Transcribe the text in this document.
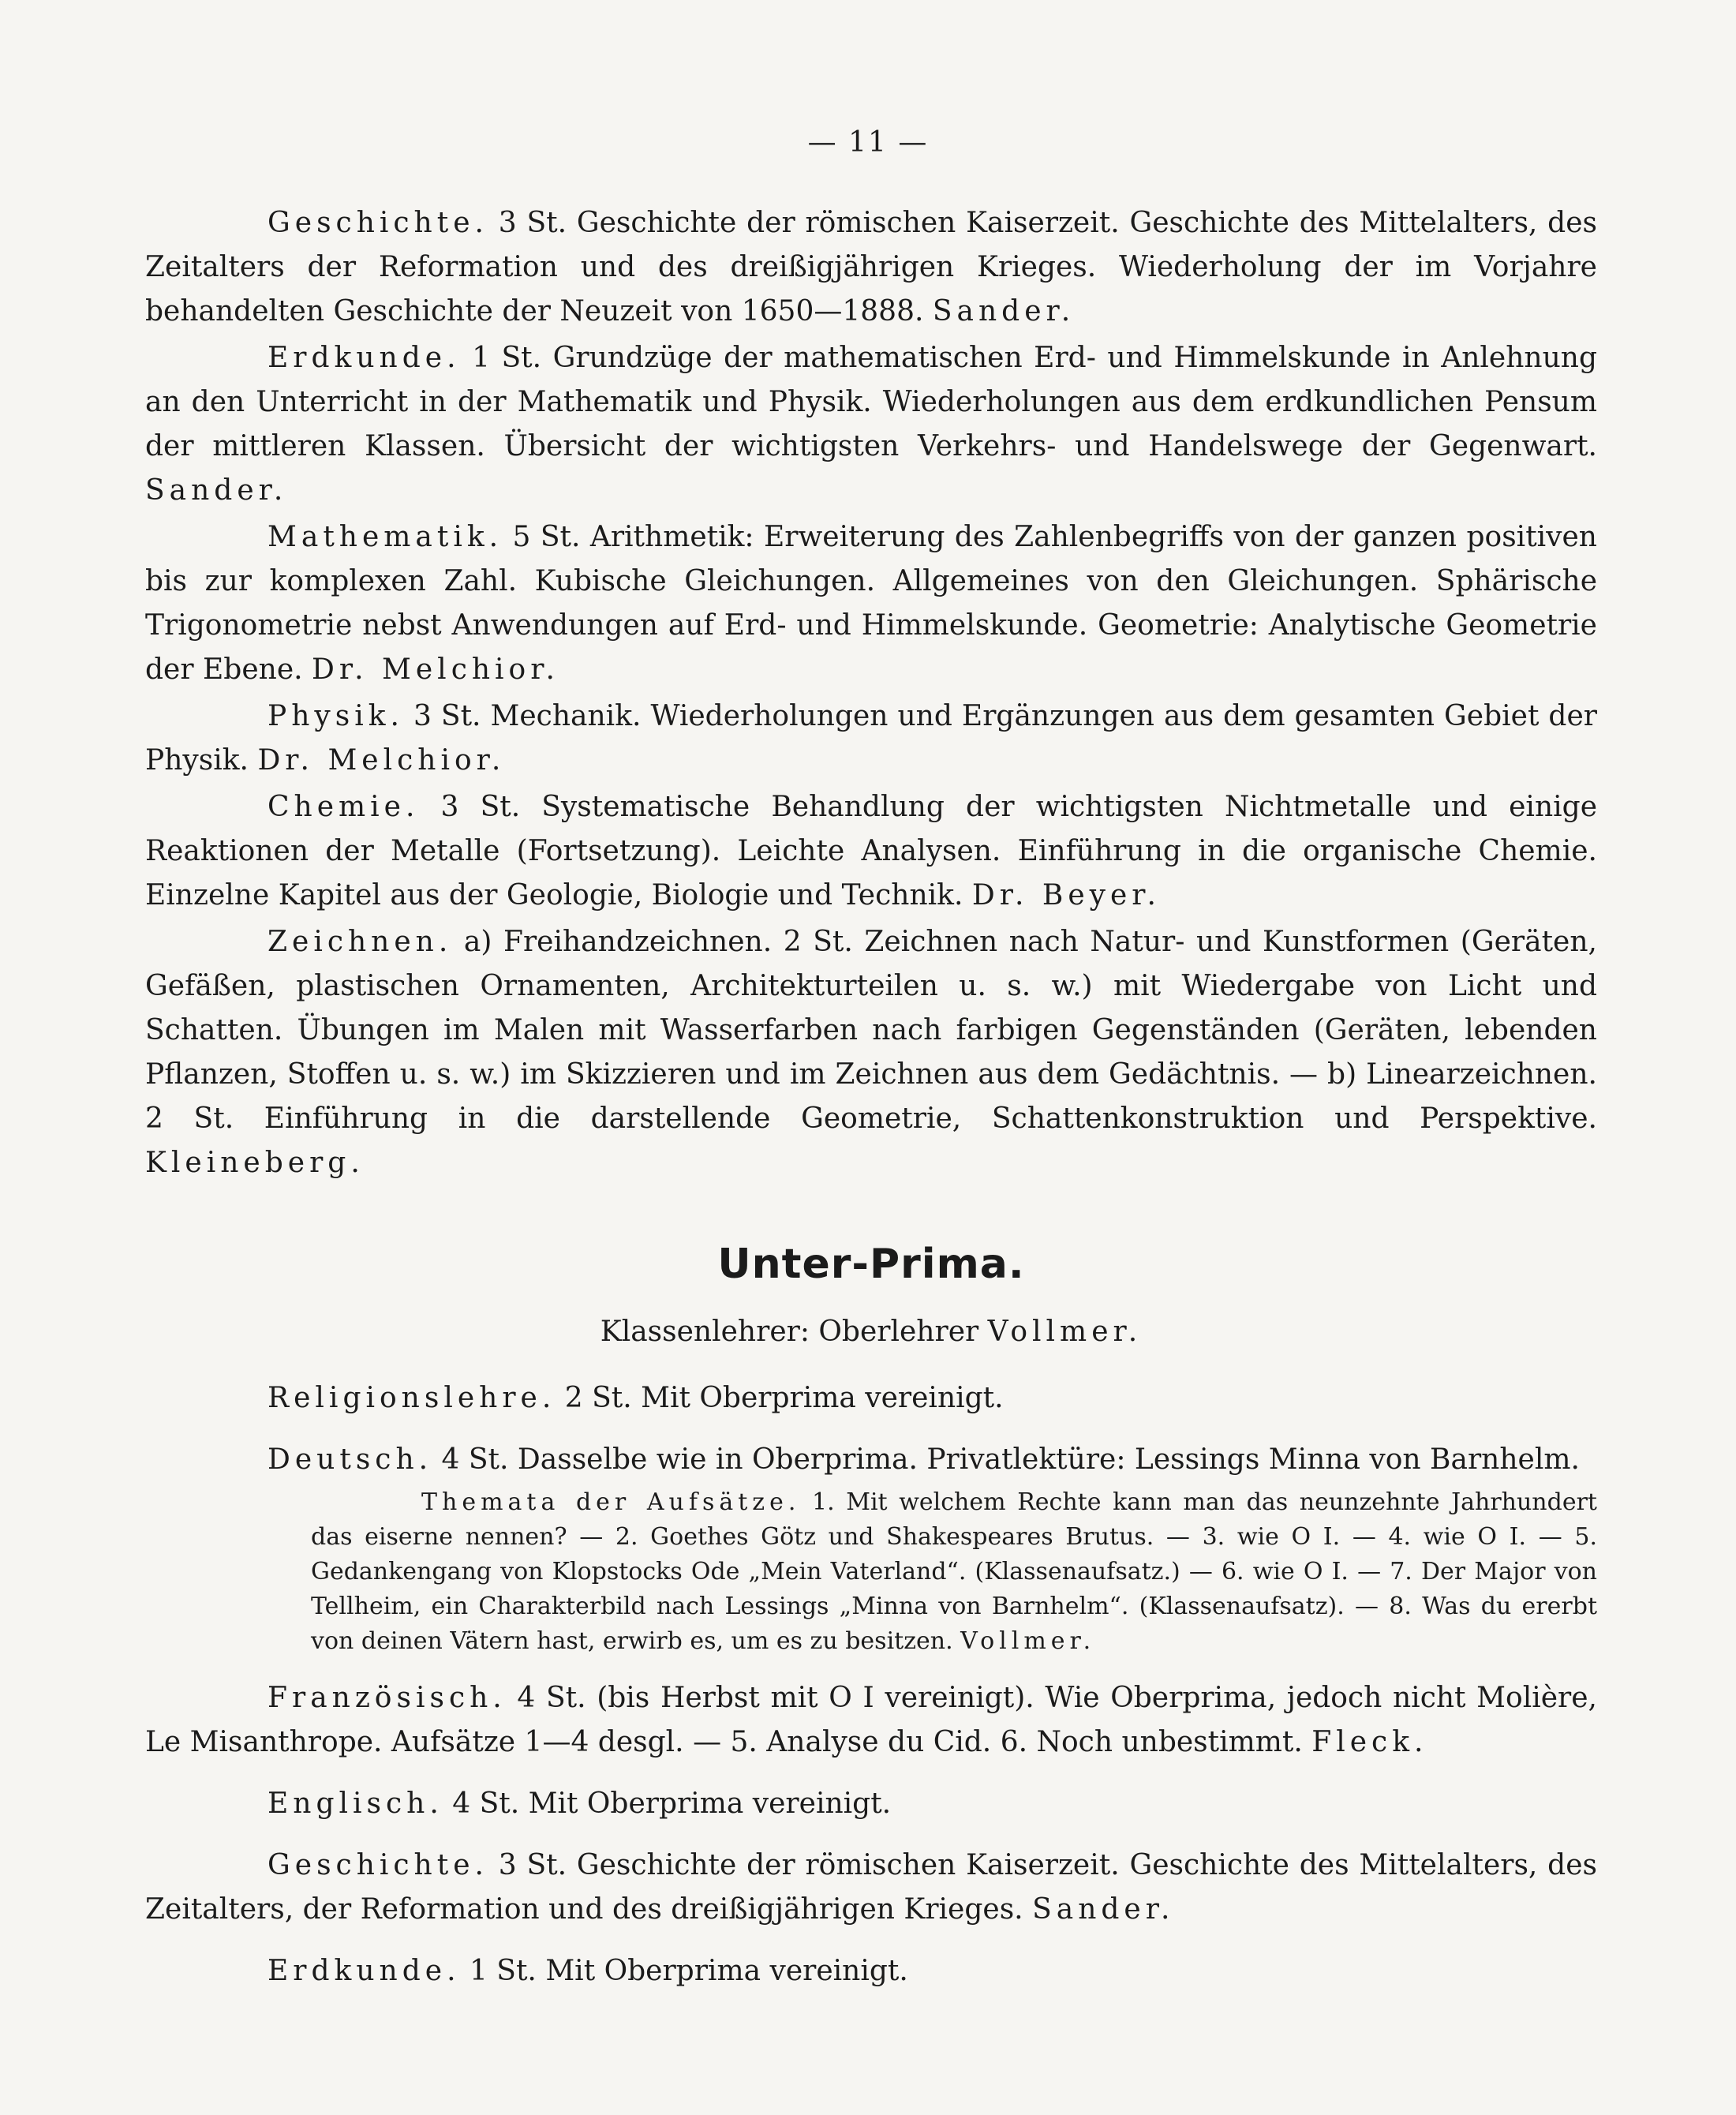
— 11 —
Geschichte. 3 St. Geschichte der römischen Kaiserzeit. Geschichte des Mittelalters, des Zeitalters der Reformation und des dreißigjährigen Krieges. Wiederholung der im Vorjahre behandelten Geschichte der Neuzeit von 1650—1888. Sander.
Erdkunde. 1 St. Grundzüge der mathematischen Erd- und Himmelskunde in Anlehnung an den Unterricht in der Mathematik und Physik. Wiederholungen aus dem erdkundlichen Pensum der mittleren Klassen. Übersicht der wichtigsten Verkehrs- und Handelswege der Gegenwart. Sander.
Mathematik. 5 St. Arithmetik: Erweiterung des Zahlenbegriffs von der ganzen positiven bis zur komplexen Zahl. Kubische Gleichungen. Allgemeines von den Gleichungen. Sphärische Trigonometrie nebst Anwendungen auf Erd- und Himmelskunde. Geometrie: Analytische Geometrie der Ebene. Dr. Melchior.
Physik. 3 St. Mechanik. Wiederholungen und Ergänzungen aus dem gesamten Gebiet der Physik. Dr. Melchior.
Chemie. 3 St. Systematische Behandlung der wichtigsten Nichtmetalle und einige Reaktionen der Metalle (Fortsetzung). Leichte Analysen. Einführung in die organische Chemie. Einzelne Kapitel aus der Geologie, Biologie und Technik. Dr. Beyer.
Zeichnen. a) Freihandzeichnen. 2 St. Zeichnen nach Natur- und Kunstformen (Geräten, Gefäßen, plastischen Ornamenten, Architekturteilen u. s. w.) mit Wiedergabe von Licht und Schatten. Übungen im Malen mit Wasserfarben nach farbigen Gegenständen (Geräten, lebenden Pflanzen, Stoffen u. s. w.) im Skizzieren und im Zeichnen aus dem Gedächtnis. — b) Linearzeichnen. 2 St. Einführung in die darstellende Geometrie, Schattenkonstruktion und Perspektive. Kleineberg.
Unter-Prima.
Klassenlehrer: Oberlehrer Vollmer.
Religionslehre. 2 St. Mit Oberprima vereinigt.
Deutsch. 4 St. Dasselbe wie in Oberprima. Privatlektüre: Lessings Minna von Barnhelm.
Themata der Aufsätze. 1. Mit welchem Rechte kann man das neunzehnte Jahrhundert das eiserne nennen? — 2. Goethes Götz und Shakespeares Brutus. — 3. wie O I. — 4. wie O I. — 5. Gedankengang von Klopstocks Ode „Mein Vaterland“. (Klassenaufsatz.) — 6. wie O I. — 7. Der Major von Tellheim, ein Charakterbild nach Lessings „Minna von Barnhelm“. (Klassenaufsatz). — 8. Was du ererbt von deinen Vätern hast, erwirb es, um es zu besitzen. Vollmer.
Französisch. 4 St. (bis Herbst mit O I vereinigt). Wie Oberprima, jedoch nicht Molière, Le Misanthrope. Aufsätze 1—4 desgl. — 5. Analyse du Cid. 6. Noch unbestimmt. Fleck.
Englisch. 4 St. Mit Oberprima vereinigt.
Geschichte. 3 St. Geschichte der römischen Kaiserzeit. Geschichte des Mittelalters, des Zeitalters, der Reformation und des dreißigjährigen Krieges. Sander.
Erdkunde. 1 St. Mit Oberprima vereinigt.
